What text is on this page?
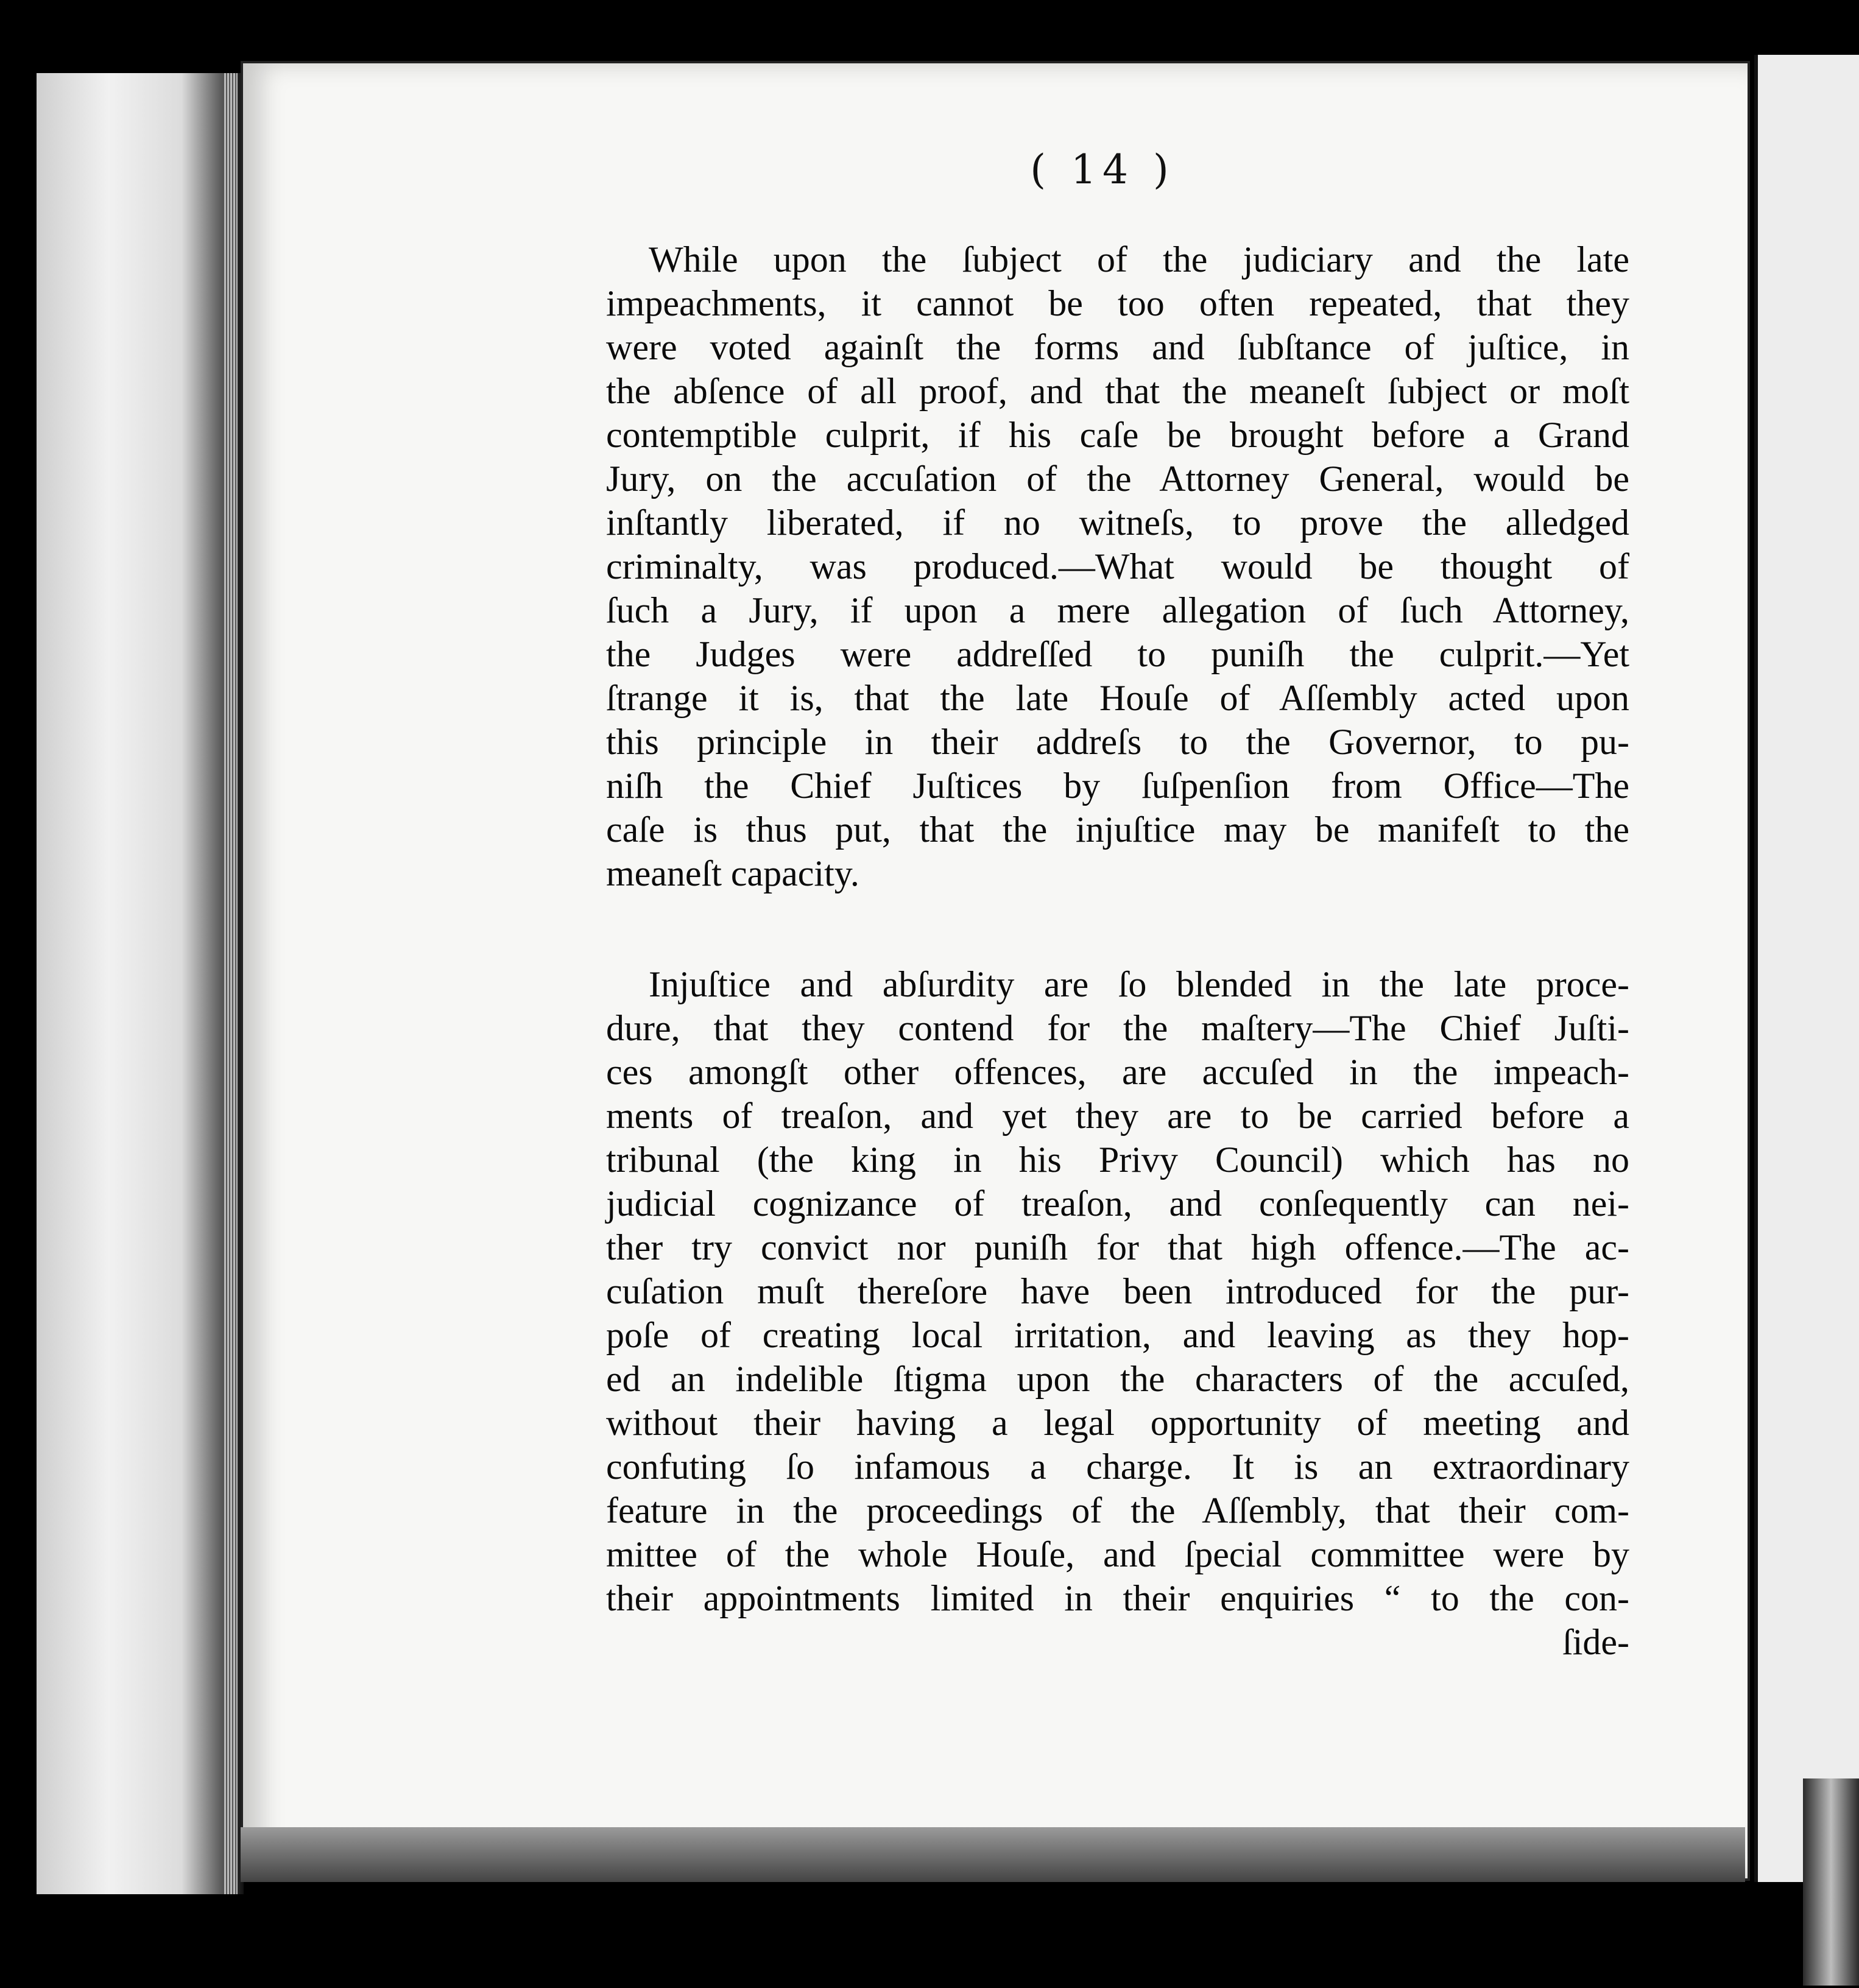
( 14 )

While upon the ſubject of the judiciary and the late
impeachments, it cannot be too often repeated, that they
were voted againſt the forms and ſubſtance of juſtice, in
the abſence of all proof, and that the meaneſt ſubject or moſt
contemptible culprit, if his caſe be brought before a Grand
Jury, on the accuſation of the Attorney General, would be
inſtantly liberated, if no witneſs, to prove the alledged
criminalty, was produced.—What would be thought of
ſuch a Jury, if upon a mere allegation of ſuch Attorney,
the Judges were addreſſed to puniſh the culprit.—Yet
ſtrange it is, that the late Houſe of Aſſembly acted upon
this principle in their addreſs to the Governor, to pu-
niſh the Chief Juſtices by ſuſpenſion from Office—The
caſe is thus put, that the injuſtice may be manifeſt to the
meaneſt capacity.

Injuſtice and abſurdity are ſo blended in the late proce-
dure, that they contend for the maſtery—The Chief Juſti-
ces amongſt other offences, are accuſed in the impeach-
ments of treaſon, and yet they are to be carried before a
tribunal (the king in his Privy Council) which has no
judicial cognizance of treaſon, and conſequently can nei-
ther try convict nor puniſh for that high offence.—The ac-
cuſation muſt thereſore have been introduced for the pur-
poſe of creating local irritation, and leaving as they hop-
ed an indelible ſtigma upon the characters of the accuſed,
without their having a legal opportunity of meeting and
confuting ſo infamous a charge. It is an extraordinary
feature in the proceedings of the Aſſembly, that their com-
mittee of the whole Houſe, and ſpecial committee were by
their appointments limited in their enquiries “ to the con-
ſide-
